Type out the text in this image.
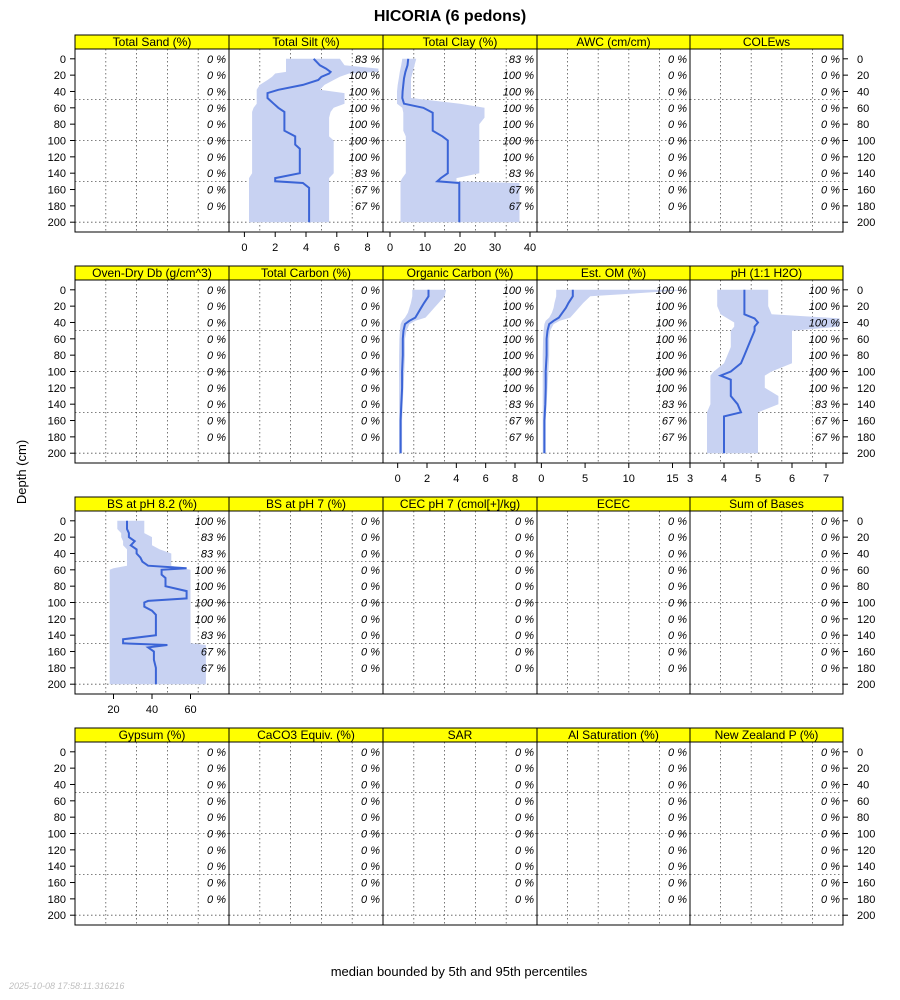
HICORIA (6 pedons)
Depth (cm)
median bounded by 5th and 95th percentiles
2025-10-08 17:58:11.316216
Total Sand (%)
0 %
0 %
0 %
0 %
0 %
0 %
0 %
0 %
0 %
0 %
Total Silt (%)
83 %
100 %
100 %
100 %
100 %
100 %
100 %
83 %
67 %
67 %
Total Clay (%)
83 %
100 %
100 %
100 %
100 %
100 %
100 %
83 %
67 %
67 %
AWC (cm/cm)
0 %
0 %
0 %
0 %
0 %
0 %
0 %
0 %
0 %
0 %
COLEws
0 %
0 %
0 %
0 %
0 %
0 %
0 %
0 %
0 %
0 %
0	0
20	20
40	40
60	60
80	80
100	100
120	120
140	140
160	160
180	180
200	200
0 2 4 6 8 0 10 20 30 40
Oven-Dry Db (g/cm^3)
0 %
0 %
0 %
0 %
0 %
0 %
0 %
0 %
0 %
0 %
Total Carbon (%)
0 %
0 %
0 %
0 %
0 %
0 %
0 %
0 %
0 %
0 %
Organic Carbon (%)
100 %
100 %
100 %
100 %
100 %
100 %
100 %
83 %
67 %
67 %
Est. OM (%)
100 %
100 %
100 %
100 %
100 %
100 %
100 %
83 %
67 %
67 %
pH (1:1 H2O)
100 %
100 %
100 %
100 %
100 %
100 %
100 %
83 %
67 %
67 %
0	0
20	20
40	40
60	60
80	80
100	100
120	120
140	140
160	160
180	180
200	200
0 2 4 6 8 0	5	10	15 3	4	5	6	7
BS at pH 8.2 (%)
100 %
83 %
83 %
100 %
100 %
100 %
100 %
83 %
67 %
67 %
BS at pH 7 (%)
0 %
0 %
0 %
0 %
0 %
0 %
0 %
0 %
0 %
0 %
CEC pH 7 (cmol[+]/kg)
0 %
0 %
0 %
0 %
0 %
0 %
0 %
0 %
0 %
0 %
ECEC
0 %
0 %
0 %
0 %
0 %
0 %
0 %
0 %
0 %
0 %
Sum of Bases
0 %
0 %
0 %
0 %
0 %
0 %
0 %
0 %
0 %
0 %
0	0
20	20
40	40
60	60
80	80
100	100
120	120
140	140
160	160
180	180
200	200
20 40 60
Gypsum (%)
0 %
0 %
0 %
0 %
0 %
0 %
0 %
0 %
0 %
0 %
CaCO3 Equiv. (%)
0 %
0 %
0 %
0 %
0 %
0 %
0 %
0 %
0 %
0 %
SAR
0 %
0 %
0 %
0 %
0 %
0 %
0 %
0 %
0 %
0 %
Al Saturation (%)
0 %
0 %
0 %
0 %
0 %
0 %
0 %
0 %
0 %
0 %
New Zealand P (%)
0 %
0 %
0 %
0 %
0 %
0 %
0 %
0 %
0 %
0 %
0	0
20	20
40	40
60	60
80	80
100	100
120	120
140	140
160	160
180	180
200	200
